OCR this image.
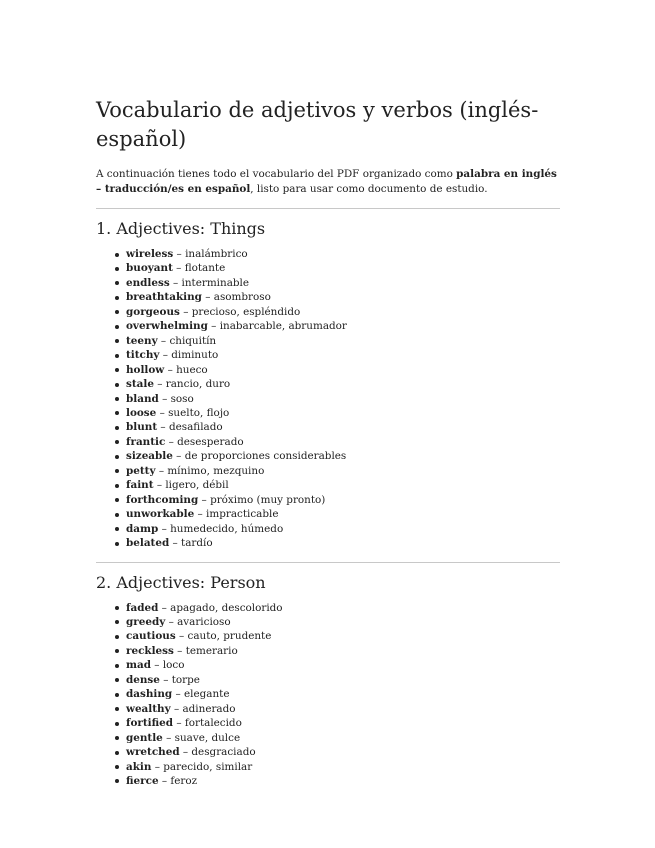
Vocabulario de adjetivos y verbos (inglés-español)

A continuación tienes todo el vocabulario del PDF organizado como palabra en inglés – traducción/es en español, listo para usar como documento de estudio.

1. Adjectives: Things
wireless – inalámbrico
buoyant – flotante
endless – interminable
breathtaking – asombroso
gorgeous – precioso, espléndido
overwhelming – inabarcable, abrumador
teeny – chiquitín
titchy – diminuto
hollow – hueco
stale – rancio, duro
bland – soso
loose – suelto, flojo
blunt – desafilado
frantic – desesperado
sizeable – de proporciones considerables
petty – mínimo, mezquino
faint – ligero, débil
forthcoming – próximo (muy pronto)
unworkable – impracticable
damp – humedecido, húmedo
belated – tardío
2. Adjectives: Person
faded – apagado, descolorido
greedy – avaricioso
cautious – cauto, prudente
reckless – temerario
mad – loco
dense – torpe
dashing – elegante
wealthy – adinerado
fortified – fortalecido
gentle – suave, dulce
wretched – desgraciado
akin – parecido, similar
fierce – feroz
